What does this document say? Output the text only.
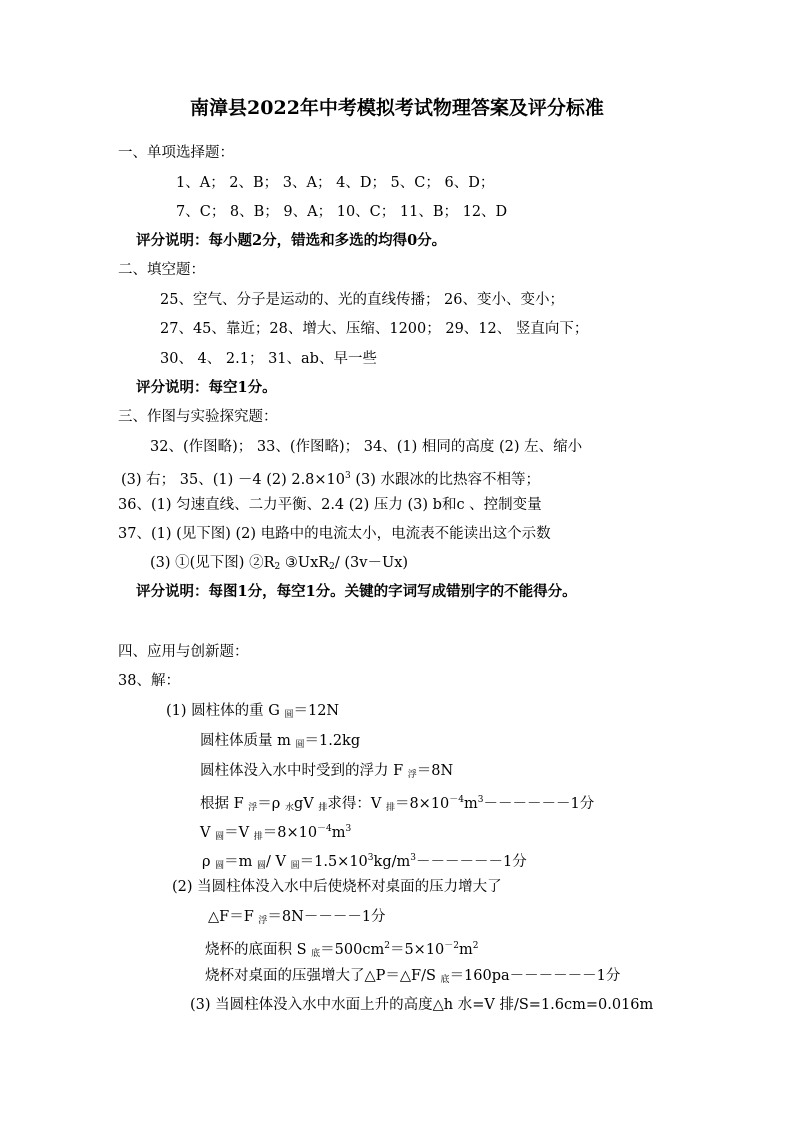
南漳县2022年中考模拟考试物理答案及评分标准
一、单项选择题：
1、A； 2、B； 3、A； 4、D； 5、C； 6、D；
7、C； 8、B； 9、A； 10、C； 11、B； 12、D
评分说明：每小题2分，错选和多选的均得0分。
二、填空题：
25、空气、分子是运动的、光的直线传播； 26、变小、变小；
27、45、靠近；28、增大、压缩、1200； 29、12、 竖直向下；
30、 4、 2.1； 31、ab、早一些
评分说明：每空1分。
三、作图与实验探究题：
32、(作图略)； 33、(作图略)； 34、(1) 相同的高度 (2) 左、缩小
(3) 右； 35、(1) －4 (2) $2.8\times 10^3$ (3) 水跟冰的比热容不相等；
36、(1) 匀速直线、二力平衡、2.4 (2) 压力 (3) b和c 、控制变量
37、(1) (见下图) (2) 电路中的电流太小，电流表不能读出这个示数
(3) ①(见下图) $②R_2$ ③UxR$_2$/ (3v－Ux)
评分说明：每图1分，每空1分。关键的字词写成错别字的不能得分。
四、应用与创新题：
38、解：
(1) 圆柱体的重 G $_圆$＝12N
圆柱体质量 m $_圆$＝1.2kg
圆柱体没入水中时受到的浮力 F $_浮$＝8N
根据 F $_浮$＝ρ $_水$gV $_排$求得：V $_排=8\times 10^{-4}m^3------1$分
V $_圆$＝V $_排=8\times 10^{-4}m^3$
ρ $_圆$＝m $_圆$/ V $_圆=1.5\times 10^3kg/m^3------1$分
(2) 当圆柱体没入水中后使烧杯对桌面的压力增大了
△F＝F $_浮$＝8N－－－－1分
烧杯的底面积 S $_底=500cm^2=5\times 10^{-2}m^2$
烧杯对桌面的压强增大了△P＝△F/S $_底$＝160pa－－－－－－1分
(3) 当圆柱体没入水中水面上升的高度△h 水=V 排/S=1.6cm=0.016m
